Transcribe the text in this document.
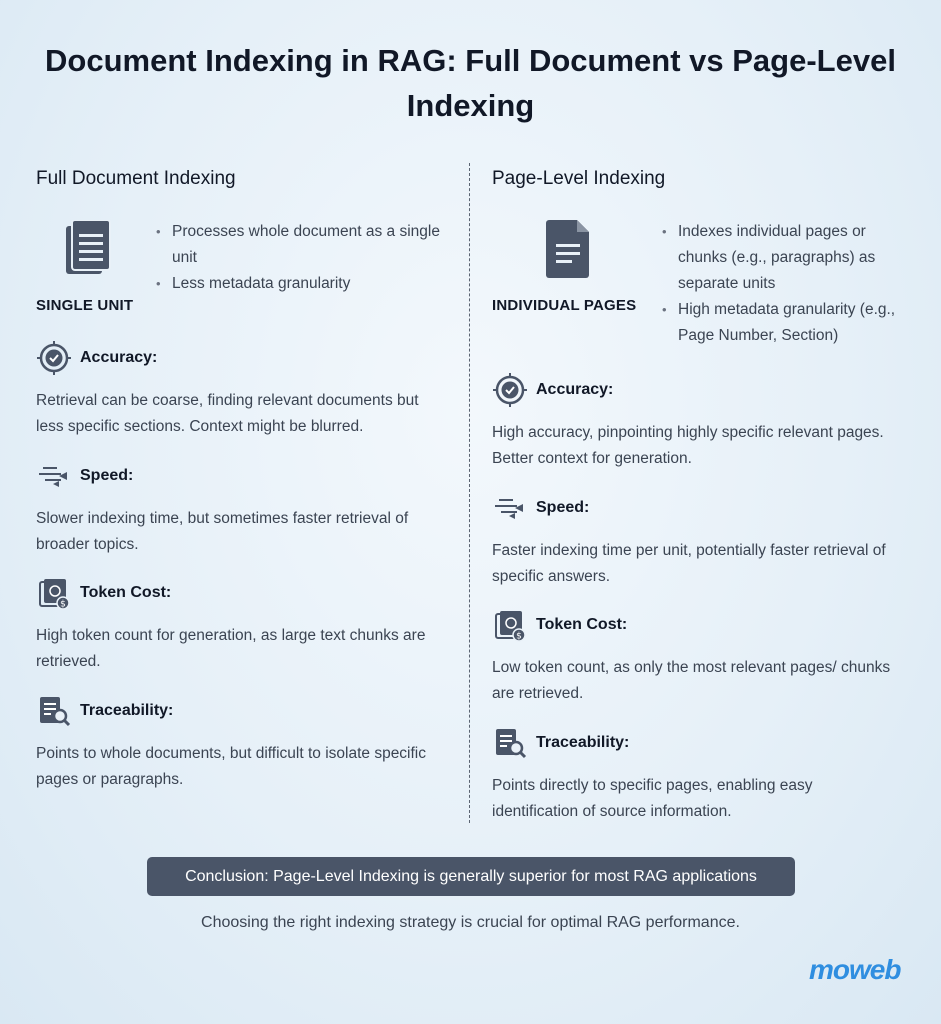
Document Indexing in RAG: Full Document vs Page-Level Indexing
Full Document Indexing
SINGLE UNIT
• Processes whole document as a single unit
• Less metadata granularity
Accuracy:

Retrieval can be coarse, finding relevant documents but less specific sections. Context might be blurred.

Speed:

Slower indexing time, but sometimes faster retrieval of broader topics.

$
Token Cost:

High token count for generation, as large text chunks are retrieved.

Traceability:

Points to whole documents, but difficult to isolate specific pages or paragraphs.

Page-Level Indexing
INDIVIDUAL PAGES
• Indexes individual pages or chunks (e.g., paragraphs) as separate units
• High metadata granularity (e.g., Page Number, Section)
Accuracy:

High accuracy, pinpointing highly specific relevant pages. Better context for generation.

Speed:

Faster indexing time per unit, potentially faster retrieval of specific answers.

$
Token Cost:

Low token count, as only the most relevant pages/ chunks are retrieved.

Traceability:

Points directly to specific pages, enabling easy identification of source information.

Conclusion: Page-Level Indexing is generally superior for most RAG applications

Choosing the right indexing strategy is crucial for optimal RAG performance.

moweb
